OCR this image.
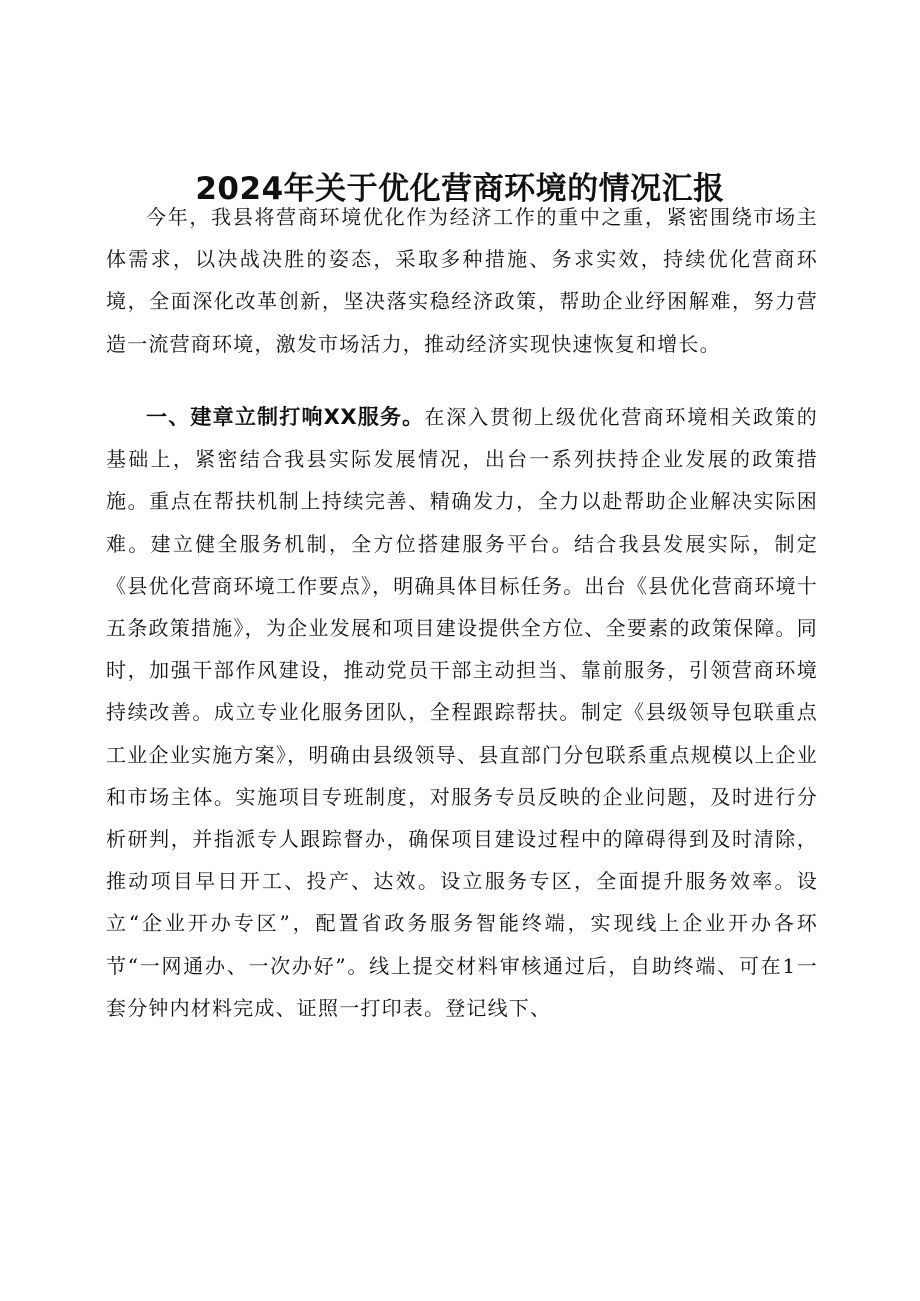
2024年关于优化营商环境的情况汇报

今年，我县将营商环境优化作为经济工作的重中之重，紧密围绕市场主体需求，以决战决胜的姿态，采取多种措施、务求实效，持续优化营商环境，全面深化改革创新，坚决落实稳经济政策，帮助企业纾困解难，努力营造一流营商环境，激发市场活力，推动经济实现快速恢复和增长。

一、建章立制打响XX服务。在深入贯彻上级优化营商环境相关政策的基础上，紧密结合我县实际发展情况，出台一系列扶持企业发展的政策措施。重点在帮扶机制上持续完善、精确发力，全力以赴帮助企业解决实际困难。建立健全服务机制，全方位搭建服务平台。结合我县发展实际，制定《县优化营商环境工作要点》，明确具体目标任务。出台《县优化营商环境十五条政策措施》，为企业发展和项目建设提供全方位、全要素的政策保障。同时，加强干部作风建设，推动党员干部主动担当、靠前服务，引领营商环境持续改善。成立专业化服务团队，全程跟踪帮扶。制定《县级领导包联重点工业企业实施方案》，明确由县级领导、县直部门分包联系重点规模以上企业和市场主体。实施项目专班制度，对服务专员反映的企业问题，及时进行分析研判，并指派专人跟踪督办，确保项目建设过程中的障碍得到及时清除，推动项目早日开工、投产、达效。设立服务专区，全面提升服务效率。设立“企业开办专区”，配置省政务服务智能终端，实现线上企业开办各环节“一网通办、一次办好”。线上提交材料审核通过后，自助终端、可在1一套分钟内材料完成、证照一打印表。登记线下、
